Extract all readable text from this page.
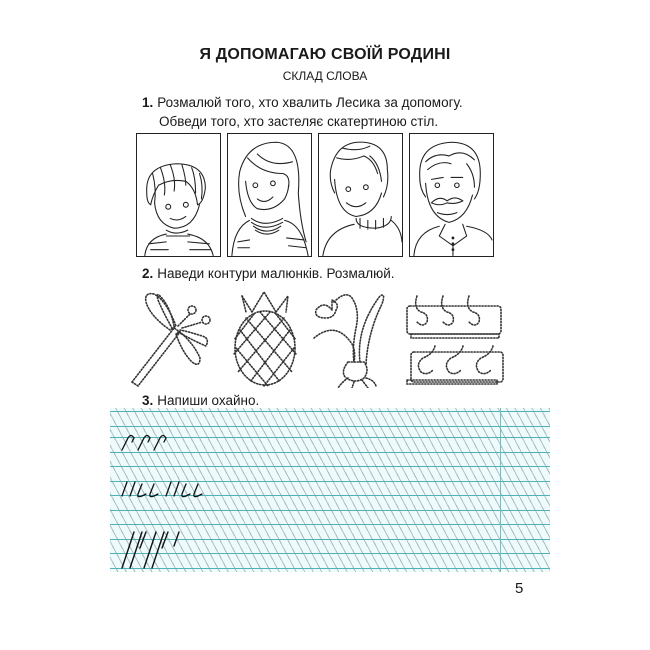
Я ДОПОМАГАЮ СВОЇЙ РОДИНІ
СКЛАД СЛОВА
1. Розмалюй того, хто хвалить Лесика за допомогу.
Обведи того, хто застеляє скатертиною стіл.
2. Наведи контури малюнків. Розмалюй.
3. Напиши охайно.
5
